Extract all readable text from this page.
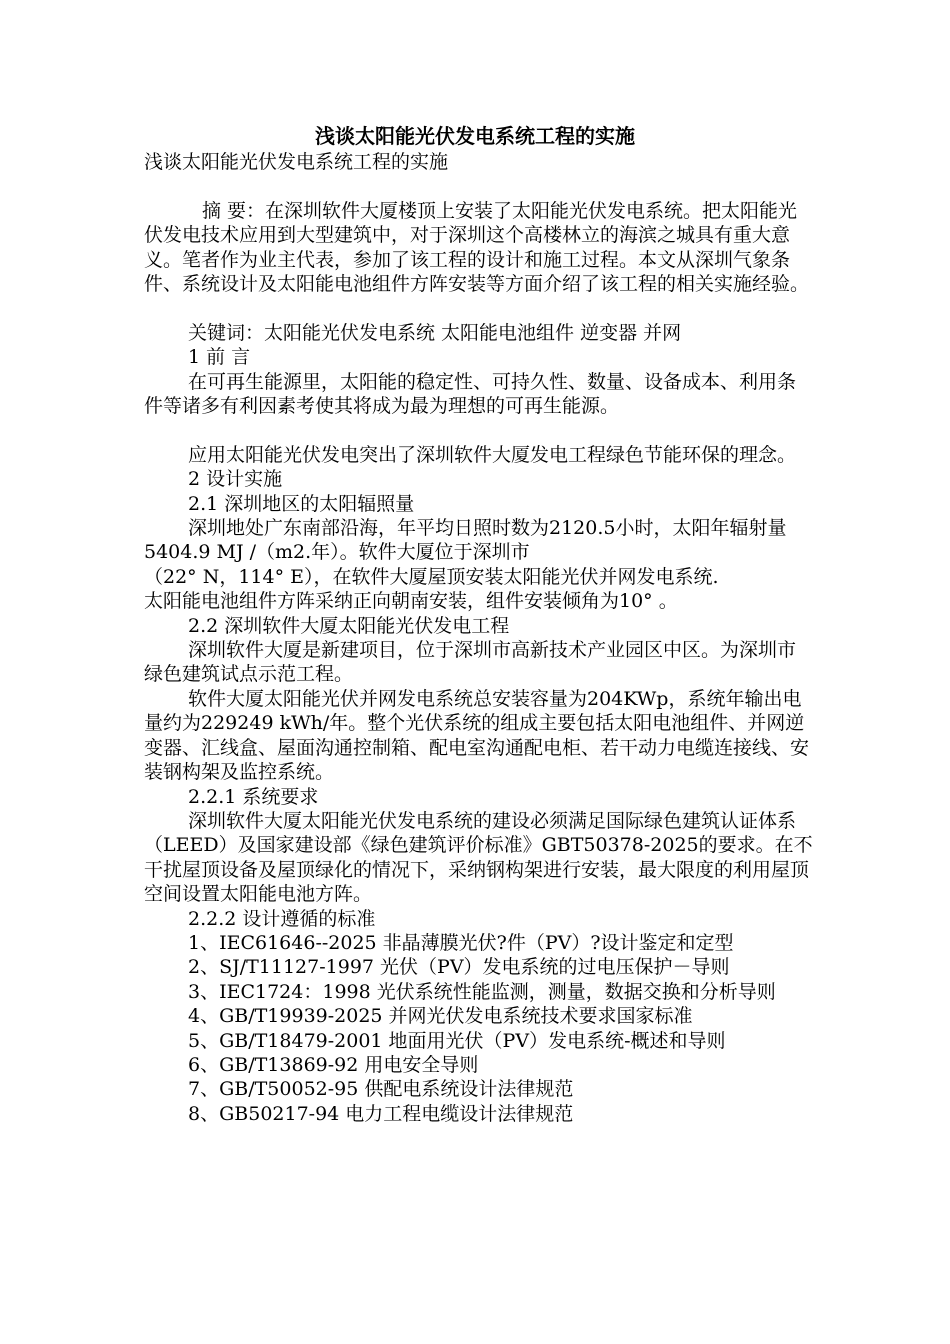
浅谈太阳能光伏发电系统工程的实施

浅谈太阳能光伏发电系统工程的实施

摘 要：在深圳软件大厦楼顶上安装了太阳能光伏发电系统。把太阳能光伏发电技术应用到大型建筑中，对于深圳这个高楼林立的海滨之城具有重大意义。笔者作为业主代表，参加了该工程的设计和施工过程。本文从深圳气象条件、系统设计及太阳能电池组件方阵安装等方面介绍了该工程的相关实施经验。

关键词：太阳能光伏发电系统 太阳能电池组件 逆变器 并网

1 前 言

在可再生能源里，太阳能的稳定性、可持久性、数量、设备成本、利用条件等诸多有利因素考使其将成为最为理想的可再生能源。

应用太阳能光伏发电突出了深圳软件大厦发电工程绿色节能环保的理念。

2 设计实施

2.1 深圳地区的太阳辐照量

深圳地处广东南部沿海，年平均日照时数为2120.5小时，太阳年辐射量5404.9 MJ /（m2.年）。软件大厦位于深圳市

（22° N，114° E），在软件大厦屋顶安装太阳能光伏并网发电系统.

太阳能电池组件方阵采纳正向朝南安装，组件安装倾角为10° 。

2.2 深圳软件大厦太阳能光伏发电工程

深圳软件大厦是新建项目，位于深圳市高新技术产业园区中区。为深圳市绿色建筑试点示范工程。

软件大厦太阳能光伏并网发电系统总安装容量为204KWp，系统年输出电量约为229249 kWh/年。整个光伏系统的组成主要包括太阳电池组件、并网逆变器、汇线盒、屋面沟通控制箱、配电室沟通配电柜、若干动力电缆连接线、安装钢构架及监控系统。

2.2.1 系统要求

深圳软件大厦太阳能光伏发电系统的建设必须满足国际绿色建筑认证体系（LEED）及国家建设部《绿色建筑评价标准》GBT50378-2025的要求。在不干扰屋顶设备及屋顶绿化的情况下，采纳钢构架进行安装，最大限度的利用屋顶空间设置太阳能电池方阵。

2.2.2 设计遵循的标准

1、IEC61646--2025 非晶薄膜光伏?件（PV）?设计鉴定和定型

2、SJ/T11127-1997 光伏（PV）发电系统的过电压保护－导则

3、IEC1724：1998 光伏系统性能监测，测量，数据交换和分析导则

4、GB/T19939-2025 并网光伏发电系统技术要求国家标准

5、GB/T18479-2001 地面用光伏（PV）发电系统-概述和导则

6、GB/T13869-92 用电安全导则

7、GB/T50052-95 供配电系统设计法律规范

8、GB50217-94 电力工程电缆设计法律规范
